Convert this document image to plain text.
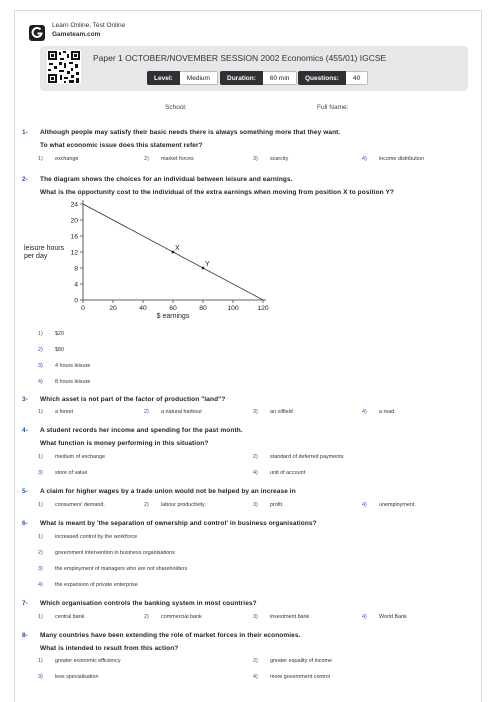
Learn Online, Test Online
Gameteam.com
Paper 1 OCTOBER/NOVEMBER SESSION 2002 Economics (455/01) IGCSE
Level:	Medium	Duration:	60 min	Questions:	40
School:	Full Name:
1- Although people may satisfy their basic needs there is always something more that they want.
To what economic issue does this statement refer?
1) exchange	2) market forces	3) scarcity	4) income distribution
2- The diagram shows the choices for an individual between leisure and earnings.
What is the opportunity cost to the individual of the extra earnings when moving from position X to position Y?
1) $20
2) $80
3) 4 hours leisure
4) 8 hours leisure
3- Which asset is not part of the factor of production "land"?
1) a forest	2) a natural harbour	3) an oilfield	4) a road
4- A student records her income and spending for the past month.
What function is money performing in this situation?
1) medium of exchange	2) standard of deferred payments
3) store of value	4) unit of account
5- A claim for higher wages by a trade union would not be helped by an increase in
1) consumers' demand.	2) labour productivity.	3) profit.	4) unemployment.
6- What is meant by 'the separation of ownership and control' in business organisations?
1) increased control by the workforce
2) government intervention in business organisations
3) the employment of managers who are not shareholders
4) the expansion of private enterprise
7- Which organisation controls the banking system in most countries?
1) central bank	2) commercial bank	3) investment bank	4) World Bank
8- Many countries have been extending the role of market forces in their economies.
What is intended to result from this action?
1) greater economic efficiency	2) greater equality of income
3) less specialisation	4) more government control
0
4
8
12
16
20
24
0	20	40	60	80	100	120
X
Y
$ earnings
leisure hours
per day
